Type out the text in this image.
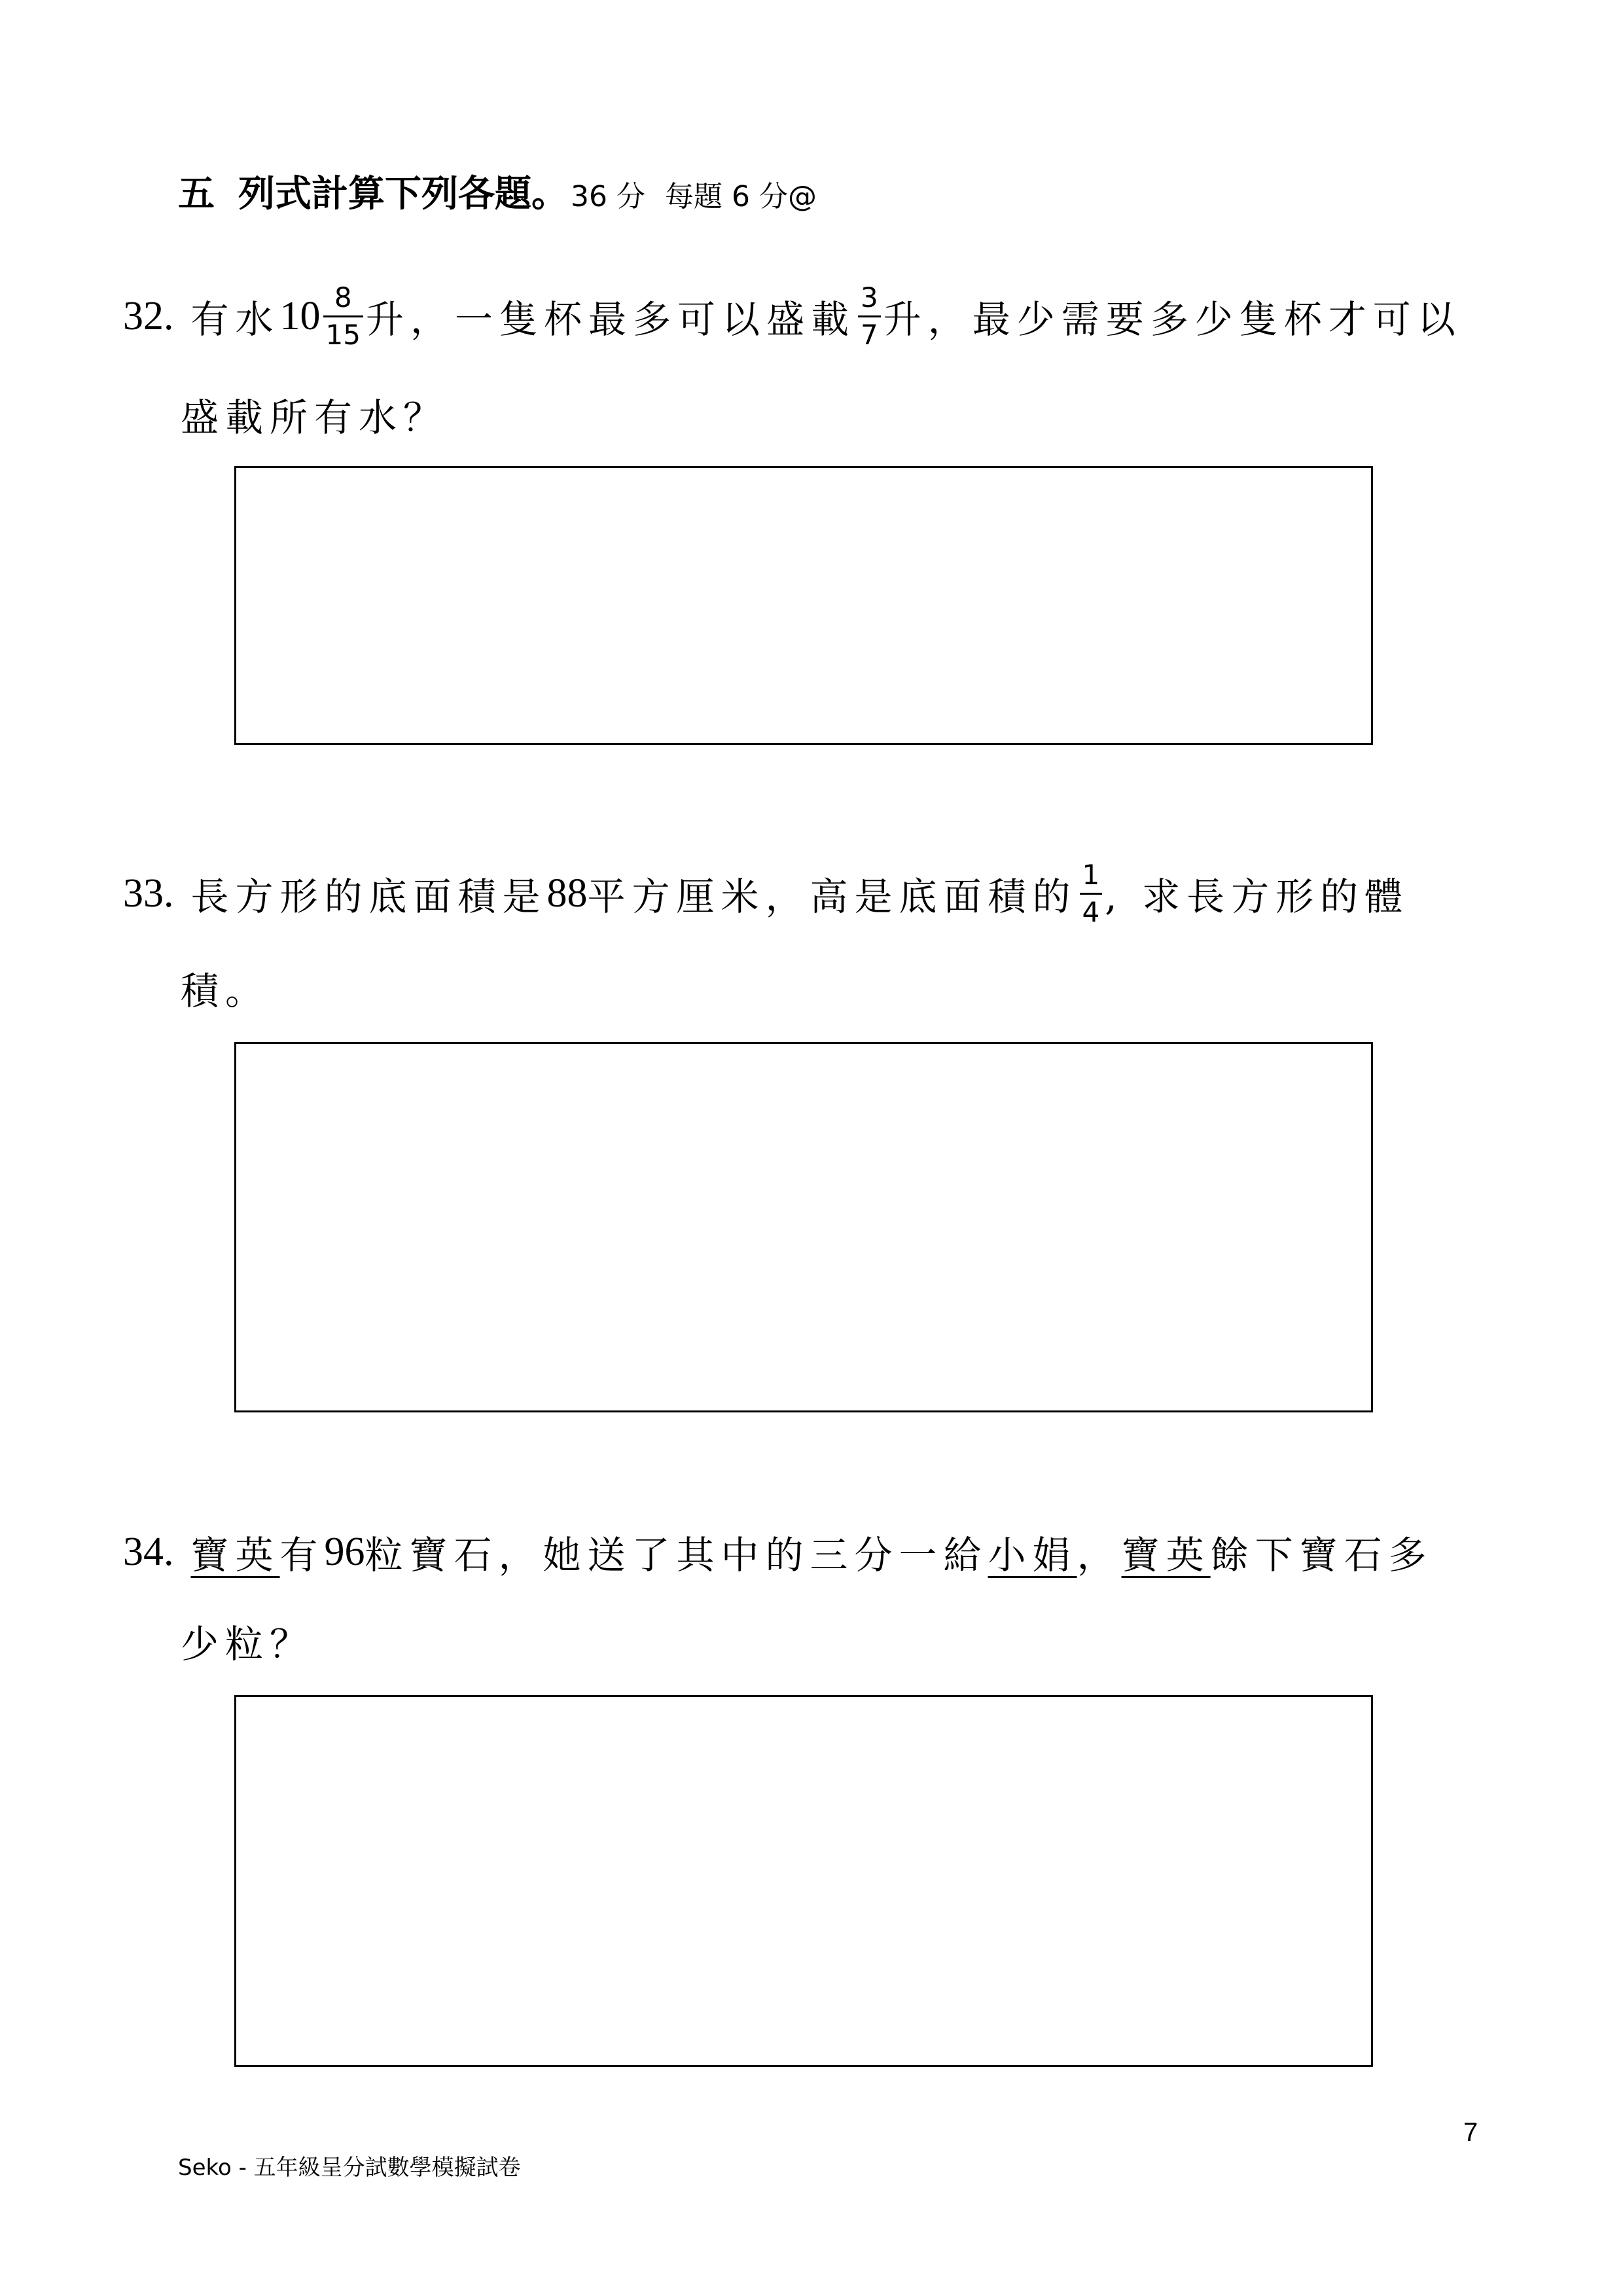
五 列式計算下列各題。 36 分 每題 6 分@
32. 有水 $10 \frac{8}{15}$ 升，一隻杯最多可以盛載 $\frac{3}{7}$ 升，最少需要多少隻杯才可以
盛載所有水？
33. 長方形的底面積是 88 平方厘米，高是底面積的 $\frac{1}{4}$ , 求長方形的體
積。
34. 寶英 有 96 粒寶石，她送了其中的三分一給 小娟 ， 寶英 餘下寶石多
少粒？
7
Seko - 五年級呈分試數學模擬試卷
